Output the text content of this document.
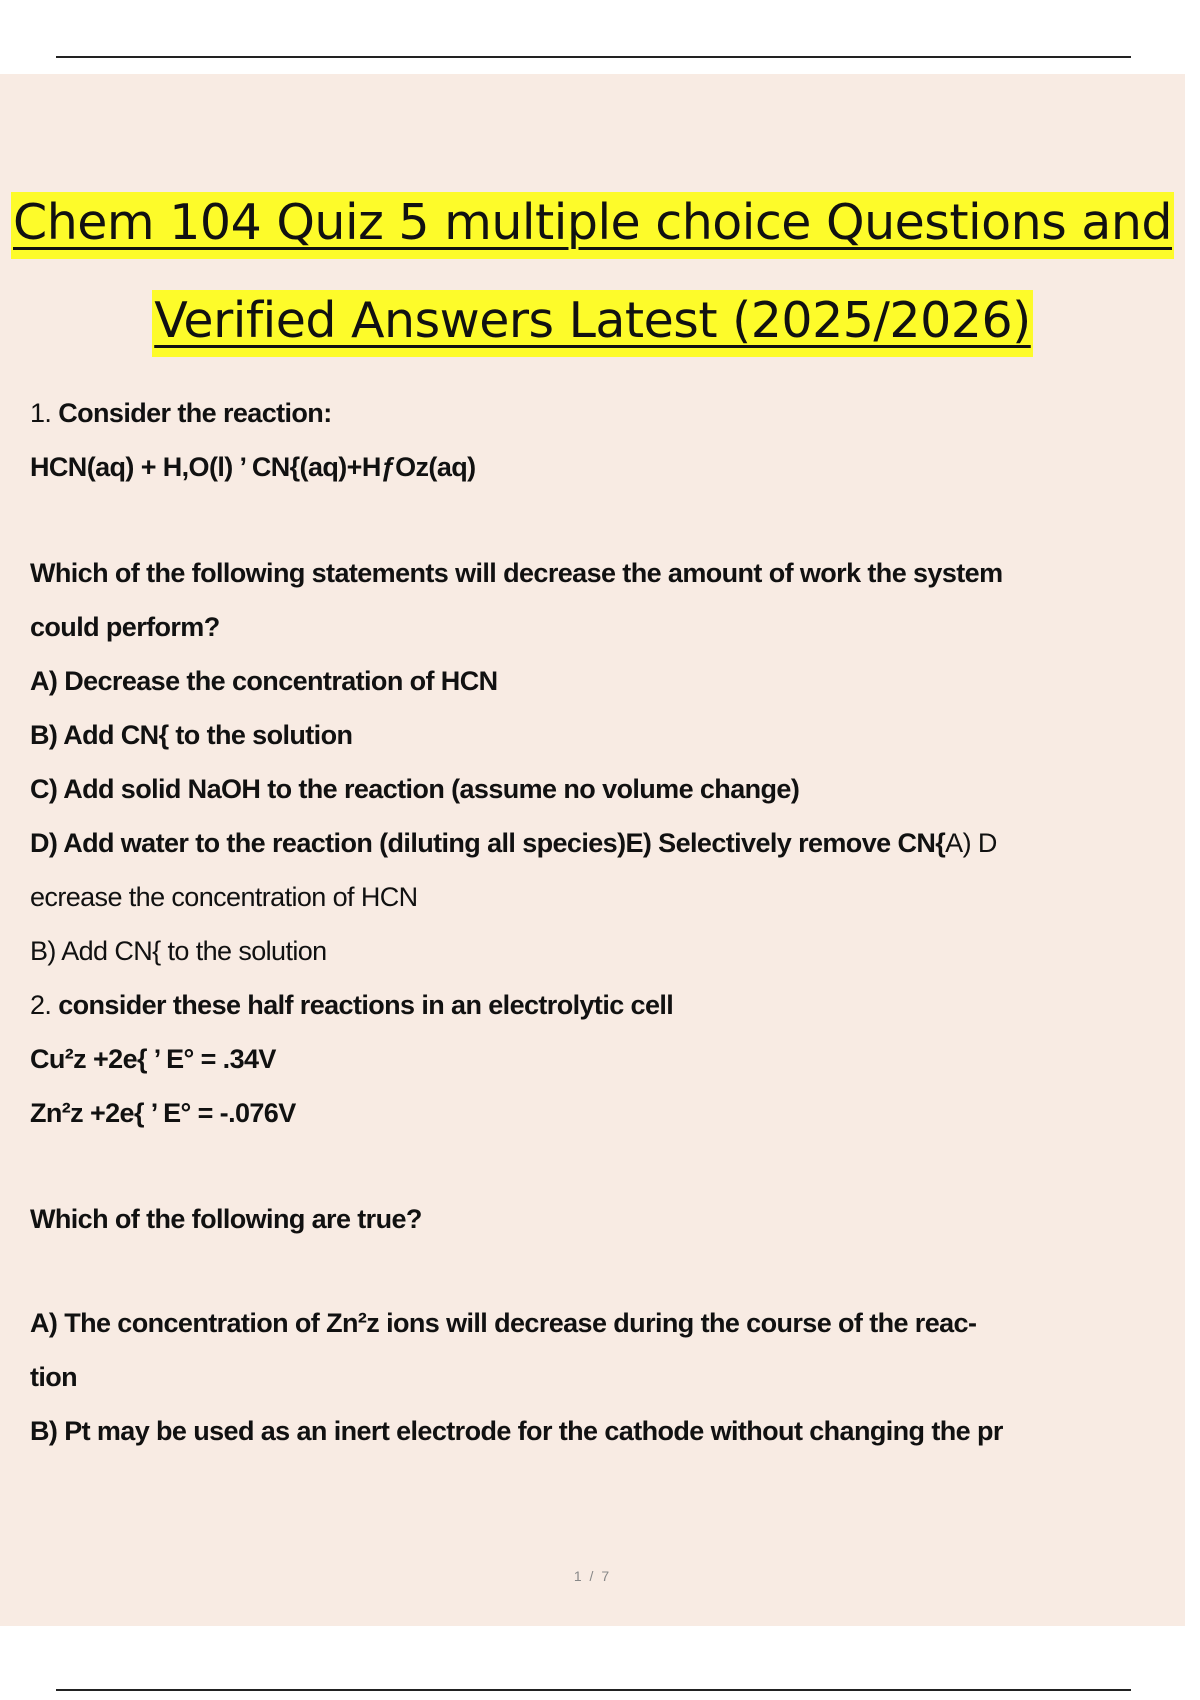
Chem 104 Quiz 5 multiple choice Questions and
Verified Answers Latest (2025/2026)
1. Consider the reaction:
HCN(aq) + H,O(l) ’ CN{(aq)+HƒOz(aq)
Which of the following statements will decrease the amount of work the system
could perform?
A) Decrease the concentration of HCN
B) Add CN{ to the solution
C) Add solid NaOH to the reaction (assume no volume change)
D) Add water to the reaction (diluting all species)E) Selectively remove CN{A) D
ecrease the concentration of HCN
B) Add CN{ to the solution
2. consider these half reactions in an electrolytic cell
Cu²z +2e{ ’ E° = .34V
Zn²z +2e{ ’ E° = -.076V
Which of the following are true?
A) The concentration of Zn²z ions will decrease during the course of the reac-
tion
B) Pt may be used as an inert electrode for the cathode without changing the pr
1 / 7
